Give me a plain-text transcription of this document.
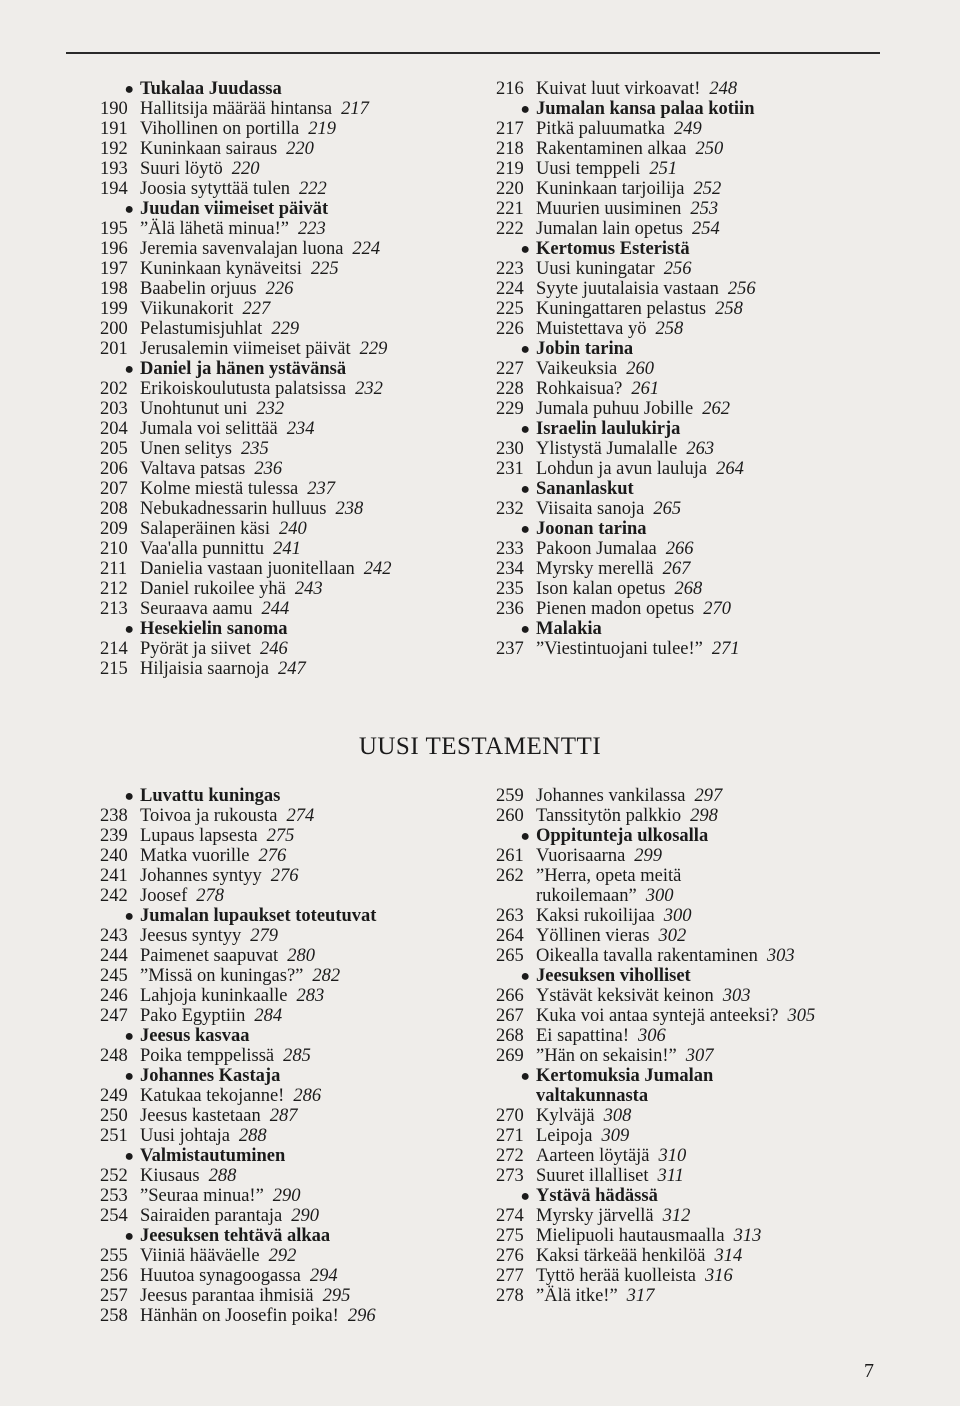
● Tukalaa Juudassa
190 Hallitsija määrää hintansa 217
191 Vihollinen on portilla 219
192 Kuninkaan sairaus 220
193 Suuri löytö 220
194 Joosia sytyttää tulen 222
● Juudan viimeiset päivät
195 ”Älä lähetä minua!” 223
196 Jeremia savenvalajan luona 224
197 Kuninkaan kynäveitsi 225
198 Baabelin orjuus 226
199 Viikunakorit 227
200 Pelastumisjuhlat 229
201 Jerusalemin viimeiset päivät 229
● Daniel ja hänen ystävänsä
202 Erikoiskoulutusta palatsissa 232
203 Unohtunut uni 232
204 Jumala voi selittää 234
205 Unen selitys 235
206 Valtava patsas 236
207 Kolme miestä tulessa 237
208 Nebukadnessarin hulluus 238
209 Salaperäinen käsi 240
210 Vaa'alla punnittu 241
211 Danielia vastaan juonitellaan 242
212 Daniel rukoilee yhä 243
213 Seuraava aamu 244
● Hesekielin sanoma
214 Pyörät ja siivet 246
215 Hiljaisia saarnoja 247
216 Kuivat luut virkoavat! 248
● Jumalan kansa palaa kotiin
217 Pitkä paluumatka 249
218 Rakentaminen alkaa 250
219 Uusi temppeli 251
220 Kuninkaan tarjoilija 252
221 Muurien uusiminen 253
222 Jumalan lain opetus 254
● Kertomus Esteristä
223 Uusi kuningatar 256
224 Syyte juutalaisia vastaan 256
225 Kuningattaren pelastus 258
226 Muistettava yö 258
● Jobin tarina
227 Vaikeuksia 260
228 Rohkaisua? 261
229 Jumala puhuu Jobille 262
● Israelin laulukirja
230 Ylistystä Jumalalle 263
231 Lohdun ja avun lauluja 264
● Sananlaskut
232 Viisaita sanoja 265
● Joonan tarina
233 Pakoon Jumalaa 266
234 Myrsky merellä 267
235 Ison kalan opetus 268
236 Pienen madon opetus 270
● Malakia
237 ”Viestintuojani tulee!” 271
UUSI TESTAMENTTI
● Luvattu kuningas
238 Toivoa ja rukousta 274
239 Lupaus lapsesta 275
240 Matka vuorille 276
241 Johannes syntyy 276
242 Joosef 278
● Jumalan lupaukset toteutuvat
243 Jeesus syntyy 279
244 Paimenet saapuvat 280
245 ”Missä on kuningas?” 282
246 Lahjoja kuninkaalle 283
247 Pako Egyptiin 284
● Jeesus kasvaa
248 Poika temppelissä 285
● Johannes Kastaja
249 Katukaa tekojanne! 286
250 Jeesus kastetaan 287
251 Uusi johtaja 288
● Valmistautuminen
252 Kiusaus 288
253 ”Seuraa minua!” 290
254 Sairaiden parantaja 290
● Jeesuksen tehtävä alkaa
255 Viiniä hääväelle 292
256 Huutoa synagoogassa 294
257 Jeesus parantaa ihmisiä 295
258 Hänhän on Joosefin poika! 296
259 Johannes vankilassa 297
260 Tanssitytön palkkio 298
● Oppitunteja ulkosalla
261 Vuorisaarna 299
262 ”Herra, opeta meitä
rukoilemaan” 300
263 Kaksi rukoilijaa 300
264 Yöllinen vieras 302
265 Oikealla tavalla rakentaminen 303
● Jeesuksen viholliset
266 Ystävät keksivät keinon 303
267 Kuka voi antaa syntejä anteeksi? 305
268 Ei sapattina! 306
269 ”Hän on sekaisin!” 307
● Kertomuksia Jumalan
valtakunnasta
270 Kylväjä 308
271 Leipoja 309
272 Aarteen löytäjä 310
273 Suuret illalliset 311
● Ystävä hädässä
274 Myrsky järvellä 312
275 Mielipuoli hautausmaalla 313
276 Kaksi tärkeää henkilöä 314
277 Tyttö herää kuolleista 316
278 ”Älä itke!” 317
7
